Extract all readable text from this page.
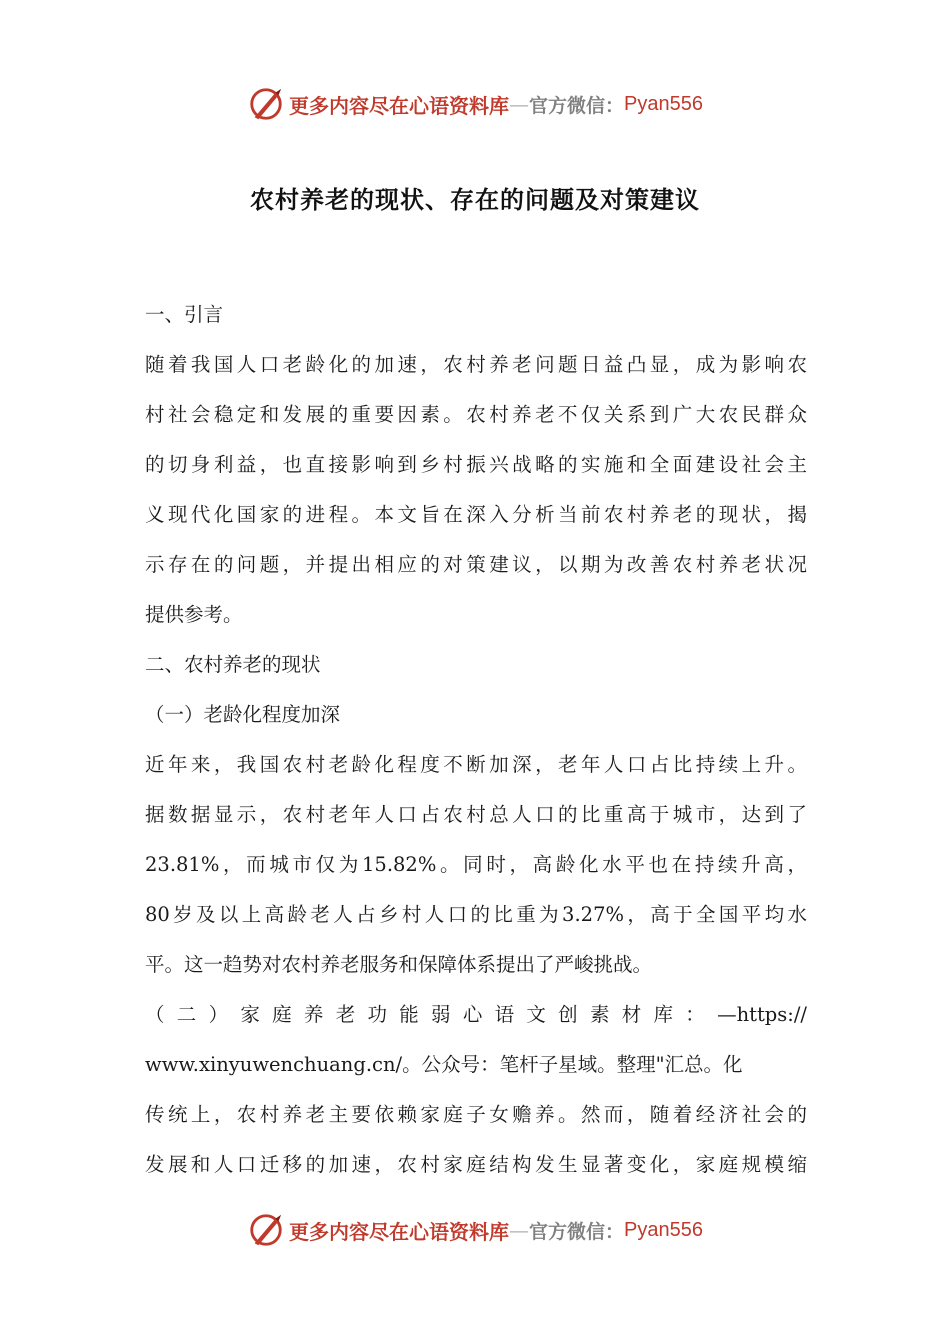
更多内容尽在心语资料库 — 官方微信： Pyan556
农村养老的现状、存在的问题及对策建议
一、引言
随着我国人口老龄化的加速，农村养老问题日益凸显，成为影响农
村社会稳定和发展的重要因素。农村养老不仅关系到广大农民群众
的切身利益，也直接影响到乡村振兴战略的实施和全面建设社会主
义现代化国家的进程。本文旨在深入分析当前农村养老的现状，揭
示存在的问题，并提出相应的对策建议，以期为改善农村养老状况
提供参考。
二、农村养老的现状
（一）老龄化程度加深
近年来，我国农村老龄化程度不断加深，老年人口占比持续上升。
据数据显示，农村老年人口占农村总人口的比重高于城市，达到了
23.81%，而城市仅为15.82%。同时，高龄化水平也在持续升高，
80岁及以上高龄老人占乡村人口的比重为3.27%，高于全国平均水
平。这一趋势对农村养老服务和保障体系提出了严峻挑战。
（二）家庭养老功能弱心语文创素材库：—https://
www.xinyuwenchuang.cn/。公众号：笔杆子星域。整理"汇总。化
传统上，农村养老主要依赖家庭子女赡养。然而，随着经济社会的
发展和人口迁移的加速，农村家庭结构发生显著变化，家庭规模缩
更多内容尽在心语资料库 — 官方微信： Pyan556
